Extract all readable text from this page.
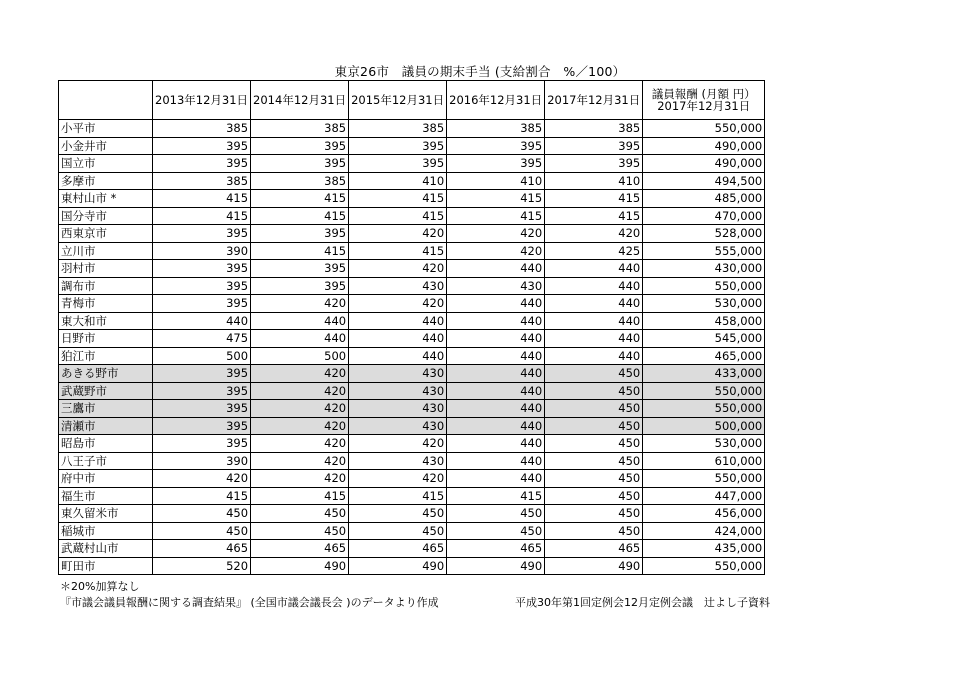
東京26市　議員の期末手当 (支給割合　%／100）
	2013年12月31日	2014年12月31日	2015年12月31日	2016年12月31日	2017年12月31日	議員報酬 (月額 円）
2017年12月31日

小平市	385	385	385	385	385	550,000
小金井市	395	395	395	395	395	490,000
国立市	395	395	395	395	395	490,000
多摩市	385	385	410	410	410	494,500
東村山市 *	415	415	415	415	415	485,000
国分寺市	415	415	415	415	415	470,000
西東京市	395	395	420	420	420	528,000
立川市	390	415	415	420	425	555,000
羽村市	395	395	420	440	440	430,000
調布市	395	395	430	430	440	550,000
青梅市	395	420	420	440	440	530,000
東大和市	440	440	440	440	440	458,000
日野市	475	440	440	440	440	545,000
狛江市	500	500	440	440	440	465,000
あきる野市	395	420	430	440	450	433,000
武蔵野市	395	420	430	440	450	550,000
三鷹市	395	420	430	440	450	550,000
清瀬市	395	420	430	440	450	500,000
昭島市	395	420	420	440	450	530,000
八王子市	390	420	430	440	450	610,000
府中市	420	420	420	440	450	550,000
福生市	415	415	415	415	450	447,000
東久留米市	450	450	450	450	450	456,000
稲城市	450	450	450	450	450	424,000
武蔵村山市	465	465	465	465	465	435,000
町田市	520	490	490	490	490	550,000
＊20%加算なし
『市議会議員報酬に関する調査結果』 (全国市議会議長会 )のデータより作成	平成30年第1回定例会12月定例会議　辻よし子資料
